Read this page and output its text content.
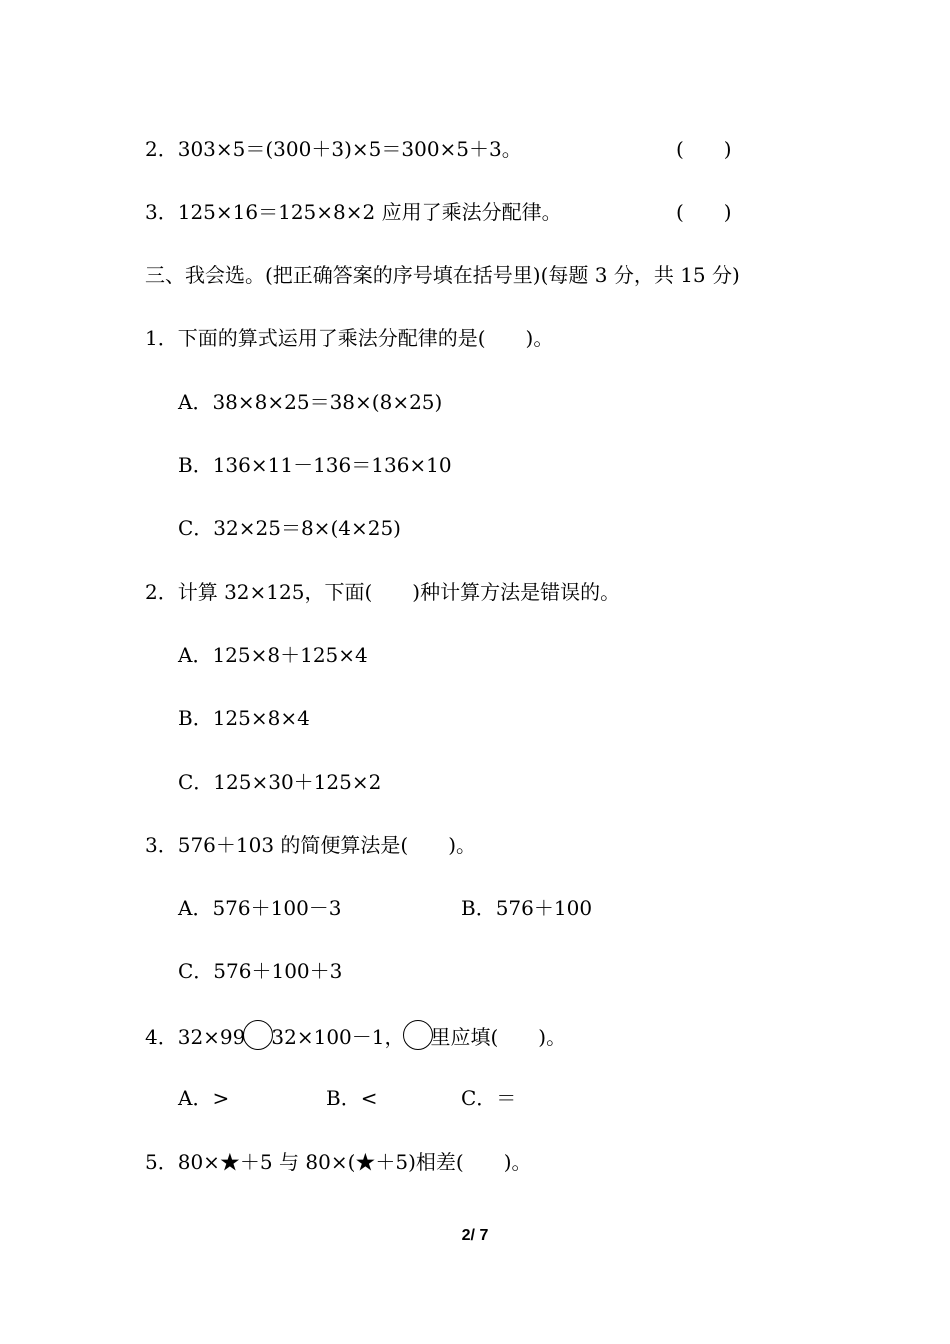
2．303×5＝(300＋3)×5＝300×5＋3。	(　　)
3．125×16＝125×8×2 应用了乘法分配律。	(　　)
三、我会选。(把正确答案的序号填在括号里)(每题 3 分，共 15 分)
1．下面的算式运用了乘法分配律的是(　　)。
A．38×8×25＝38×(8×25)
B．136×11－136＝136×10
C．32×25＝8×(4×25)
2．计算 32×125，下面(　　)种计算方法是错误的。
A．125×8＋125×4
B．125×8×4
C．125×30＋125×2
3．576＋103 的简便算法是(　　)。
A．576＋100－3	B．576＋100
C．576＋100＋3
4．32×99 32×100－1， 里应填(　　)。
A．>	B．<	C．＝
5．80×★＋5 与 80×(★＋5)相差(　　)。
2/ 7
